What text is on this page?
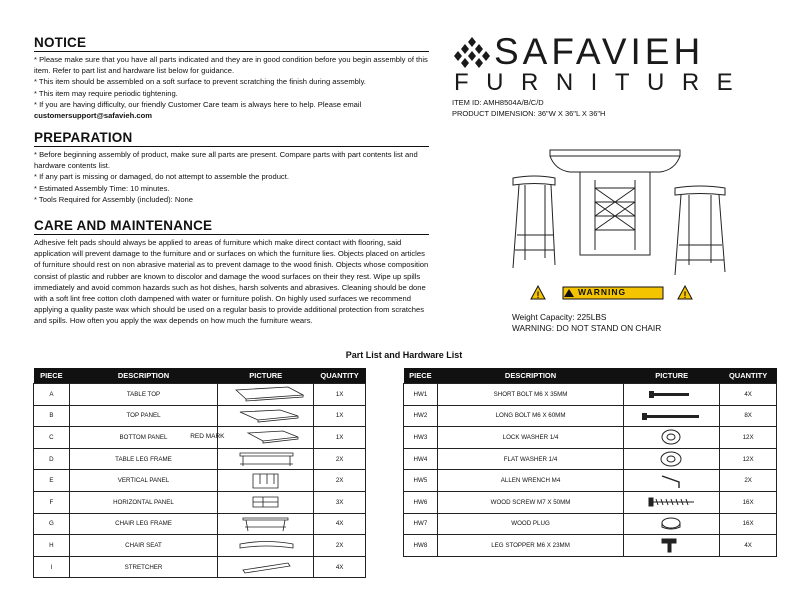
NOTICE

* Please make sure that you have all parts indicated and they are in good condition before you begin assembly of this item. Refer to part list and hardware list below for guidance.

* This item should be assembled on a soft surface to prevent scratching the finish during assembly.

* This item may require periodic tightening.

* If you are having difficulty, our friendly Customer Care team is always here to help. Please email

customersupport@safavieh.com

PREPARATION

* Before beginning assembly of product, make sure all parts are present. Compare parts with part contents list and hardware contents list.

* If any part is missing or damaged, do not attempt to assemble the product.

* Estimated Assembly Time: 10 minutes.

* Tools Required for Assembly (included): None

CARE AND MAINTENANCE

Adhesive felt pads should always be applied to areas of furniture which make direct contact with flooring, said application will prevent damage to the furniture and or surfaces on which the furniture lies. Objects placed on articles of furniture should rest on non abrasive material as to prevent damage to the wood finish. Objects whose composition consist of plastic and rubber are known to discolor and damage the wood surfaces on their they rest. Wipe up spills immediately and avoid common hazards such as hot dishes, harsh solvents and abrasives. Cleaning should be done with a soft lint free cotton cloth dampened with water or furniture polish. On highly used surfaces we recommend applying a quality paste wax which should be used on a regular basis to provide additional protection from scratches and spills. How often you apply the wax depends on how much the furniture wears.

SAFAVIEH
FURNITURE
ITEM ID: AMH8504A/B/C/D
PRODUCT DIMENSION: 36"W X 36"L X 36"H
!	!
WARNING
Weight Capacity: 225LBS
WARNING: DO NOT STAND ON CHAIR
Part List and Hardware List
PIECE	DESCRIPTION	PICTURE	QUANTITY
A	TABLE TOP		1X
B	TOP PANEL		1X
C	BOTTOM PANEL	RED MARK	1X
D	TABLE LEG FRAME		2X
E	VERTICAL PANEL		2X
F	HORIZONTAL PANEL		3X
G	CHAIR LEG FRAME		4X
H	CHAIR SEAT		2X
I	STRETCHER		4X
PIECE	DESCRIPTION	PICTURE	QUANTITY
HW1	SHORT BOLT M6 X 35MM		4X
HW2	LONG BOLT M6 X 60MM		8X
HW3	LOCK WASHER 1/4		12X
HW4	FLAT WASHER 1/4		12X
HW5	ALLEN WRENCH M4		2X
HW6	WOOD SCREW M7 X 50MM		16X
HW7	WOOD PLUG		16X
HW8	LEG STOPPER M6 X 23MM		4X
